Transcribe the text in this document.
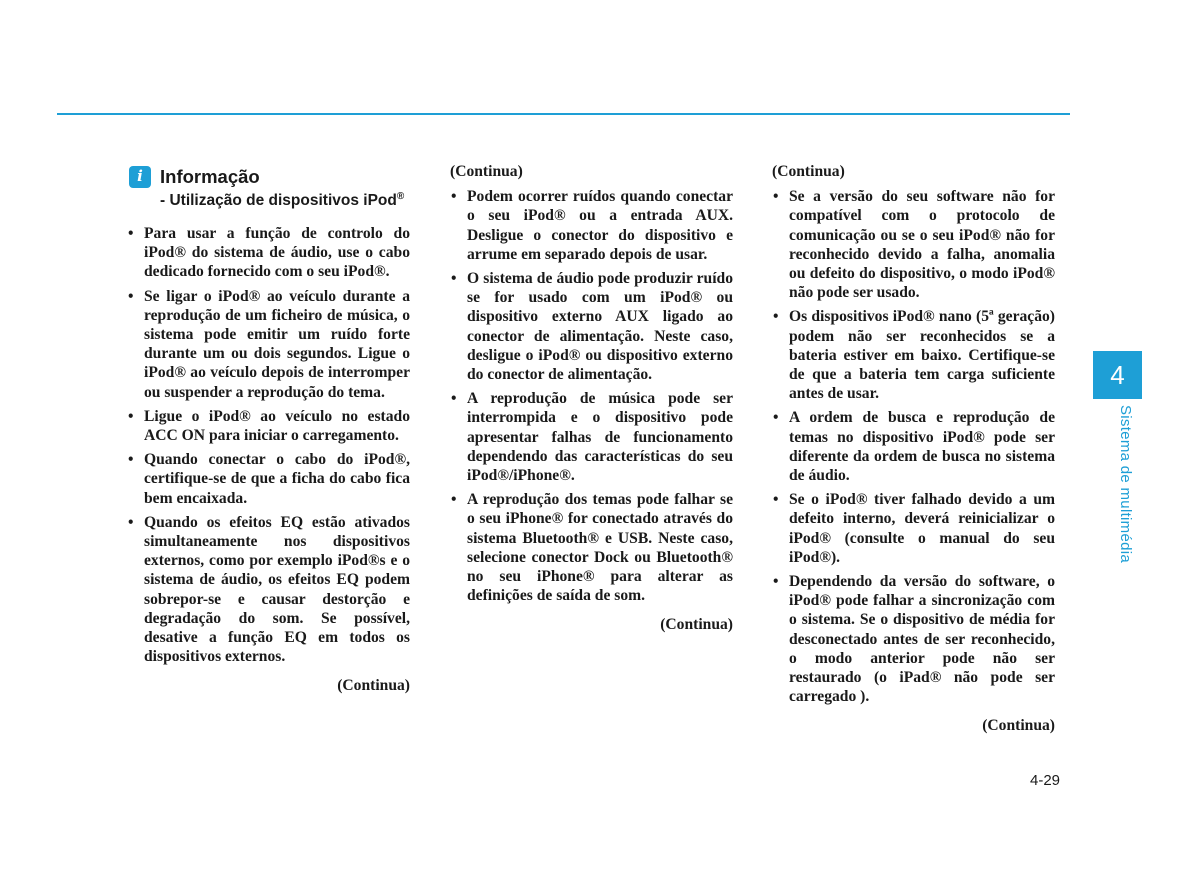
i Informação
- Utilização de dispositivos iPod®
• Para usar a função de controlo do iPod® do sistema de áudio, use o cabo dedicado fornecido com o seu iPod®.
• Se ligar o iPod® ao veículo durante a reprodução de um ficheiro de música, o sistema pode emitir um ruído forte durante um ou dois segundos. Ligue o iPod® ao veículo depois de interromper ou suspender a reprodução do tema.
• Ligue o iPod® ao veículo no estado ACC ON para iniciar o carregamento.
• Quando conectar o cabo do iPod®, certifique-se de que a ficha do cabo fica bem encaixada.
• Quando os efeitos EQ estão ativados simultaneamente nos dispositivos externos, como por exemplo iPod®s e o sistema de áudio, os efeitos EQ podem sobrepor-se e causar destorção e degradação do som. Se possível, desative a função EQ em todos os dispositivos externos.
(Continua)
(Continua)
• Podem ocorrer ruídos quando conectar o seu iPod® ou a entrada AUX. Desligue o conector do dispositivo e arrume em separado depois de usar.
• O sistema de áudio pode produzir ruído se for usado com um iPod® ou dispositivo externo AUX ligado ao conector de alimentação. Neste caso, desligue o iPod® ou dispositivo externo do conector de alimentação.
• A reprodução de música pode ser interrompida e o dispositivo pode apresentar falhas de funcionamento dependendo das características do seu iPod®/iPhone®.
• A reprodução dos temas pode falhar se o seu iPhone® for conectado através do sistema Bluetooth® e USB. Neste caso, selecione conector Dock ou Bluetooth® no seu iPhone® para alterar as definições de saída de som.
(Continua)
(Continua)
• Se a versão do seu software não for compatível com o protocolo de comunicação ou se o seu iPod® não for reconhecido devido a falha, anomalia ou defeito do dispositivo, o modo iPod® não pode ser usado.
• Os dispositivos iPod® nano (5ª geração) podem não ser reconhecidos se a bateria estiver em baixo. Certifique-se de que a bateria tem carga suficiente antes de usar.
• A ordem de busca e reprodução de temas no dispositivo iPod® pode ser diferente da ordem de busca no sistema de áudio.
• Se o iPod® tiver falhado devido a um defeito interno, deverá reinicializar o iPod® (consulte o manual do seu iPod®).
• Dependendo da versão do software, o iPod® pode falhar a sincronização com o sistema. Se o dispositivo de média for desconectado antes de ser reconhecido, o modo anterior pode não ser restaurado (o iPad® não pode ser carregado ).
(Continua)
4
Sistema de multimédia
4-29
